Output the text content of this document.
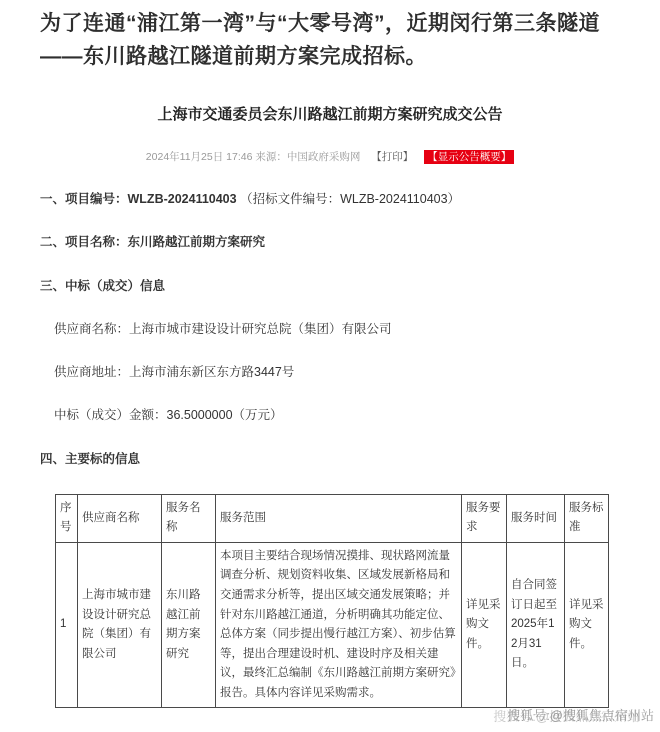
为了连通“浦江第一湾”与“大零号湾”，近期闵行第三条隧道——东川路越江隧道前期方案完成招标。

上海市交通委员会东川路越江前期方案研究成交公告
2024年11月25日 17:46 来源：中国政府采购网 【打印】 【显示公告概要】

一、项目编号：WLZB-2024110403 （招标文件编号：WLZB-2024110403）

二、项目名称：东川路越江前期方案研究

三、中标（成交）信息

供应商名称：上海市城市建设设计研究总院（集团）有限公司

供应商地址：上海市浦东新区东方路3447号

中标（成交）金额：36.5000000（万元）

四、主要标的信息

序号	供应商名称	服务名称	服务范围	服务要求	服务时间	服务标准
1	上海市城市建设设计研究总院（集团）有限公司	东川路越江前期方案研究	本项目主要结合现场情况摸排、现状路网流量调查分析、规划资料收集、区域发展新格局和交通需求分析等，提出区域交通发展策略；并针对东川路越江通道，分析明确其功能定位、总体方案（同步提出慢行越江方案）、初步估算等，提出合理建设时机、建设时序及相关建议，最终汇总编制《东川路越江前期方案研究》报告。具体内容详见采购需求。	详见采购文件。	自合同签订日起至2025年12月31日。	详见采购文件。
搜狐号:@搜狐焦点宿州站
